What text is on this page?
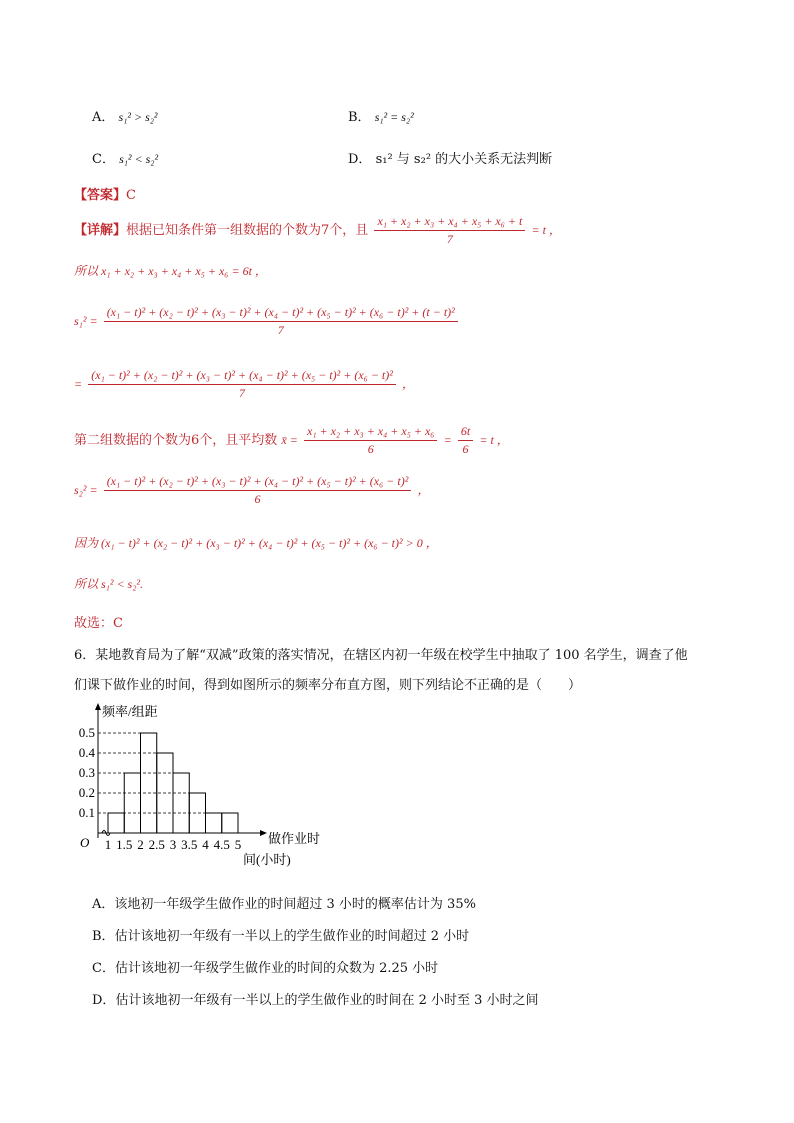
A． s₁² > s₂²	B． s₁² = s₂²
C． s₁² < s₂²	D． s₁² 与 s₂² 的大小关系无法判断
【答案】C
【详解】根据已知条件第一组数据的个数为7个，且 $\frac{\text{x₁ + x₂ + x₃ + x₄ + x₅ + x₆ + t}}{7} = t$ ，
所以 x₁ + x₂ + x₃ + x₄ + x₅ + x₆ = 6t ，
s₁² =
(x₁ − t)² + (x₂ − t)² + (x₃ − t)² + (x₄ − t)² + (x₅ − t)² + (x₆ − t)² + (t − t)²
7
=
(x₁ − t)² + (x₂ − t)² + (x₃ − t)² + (x₄ − t)² + (x₅ − t)² + (x₆ − t)²
7
，
第二组数据的个数为6个，且平均数 x̄ = $\frac{\text{x₁ + x₂ + x₃ + x₄ + x₅ + x₆}}{6} = \frac{6t}{6} = t$ ，
s₂² =
(x₁ − t)² + (x₂ − t)² + (x₃ − t)² + (x₄ − t)² + (x₅ − t)² + (x₆ − t)²
6
，
因为 (x₁ − t)² + (x₂ − t)² + (x₃ − t)² + (x₄ − t)² + (x₅ − t)² + (x₆ − t)² > 0 ，
所以 s₁² < s₂².
故选：C
6．某地教育局为了解“双减”政策的落实情况，在辖区内初一年级在校学生中抽取了 100 名学生，调查了他
们课下做作业的时间，得到如图所示的频率分布直方图，则下列结论不正确的是（　　）
0.1
0.2
0.3
0.4
0.5
1 1.5 2 2.5 3 3.5 4 4.5 5
频率/组距
O	做作业时
间(小时)
A．该地初一年级学生做作业的时间超过 3 小时的概率估计为 35%
B．估计该地初一年级有一半以上的学生做作业的时间超过 2 小时
C．估计该地初一年级学生做作业的时间的众数为 2.25 小时
D．估计该地初一年级有一半以上的学生做作业的时间在 2 小时至 3 小时之间
